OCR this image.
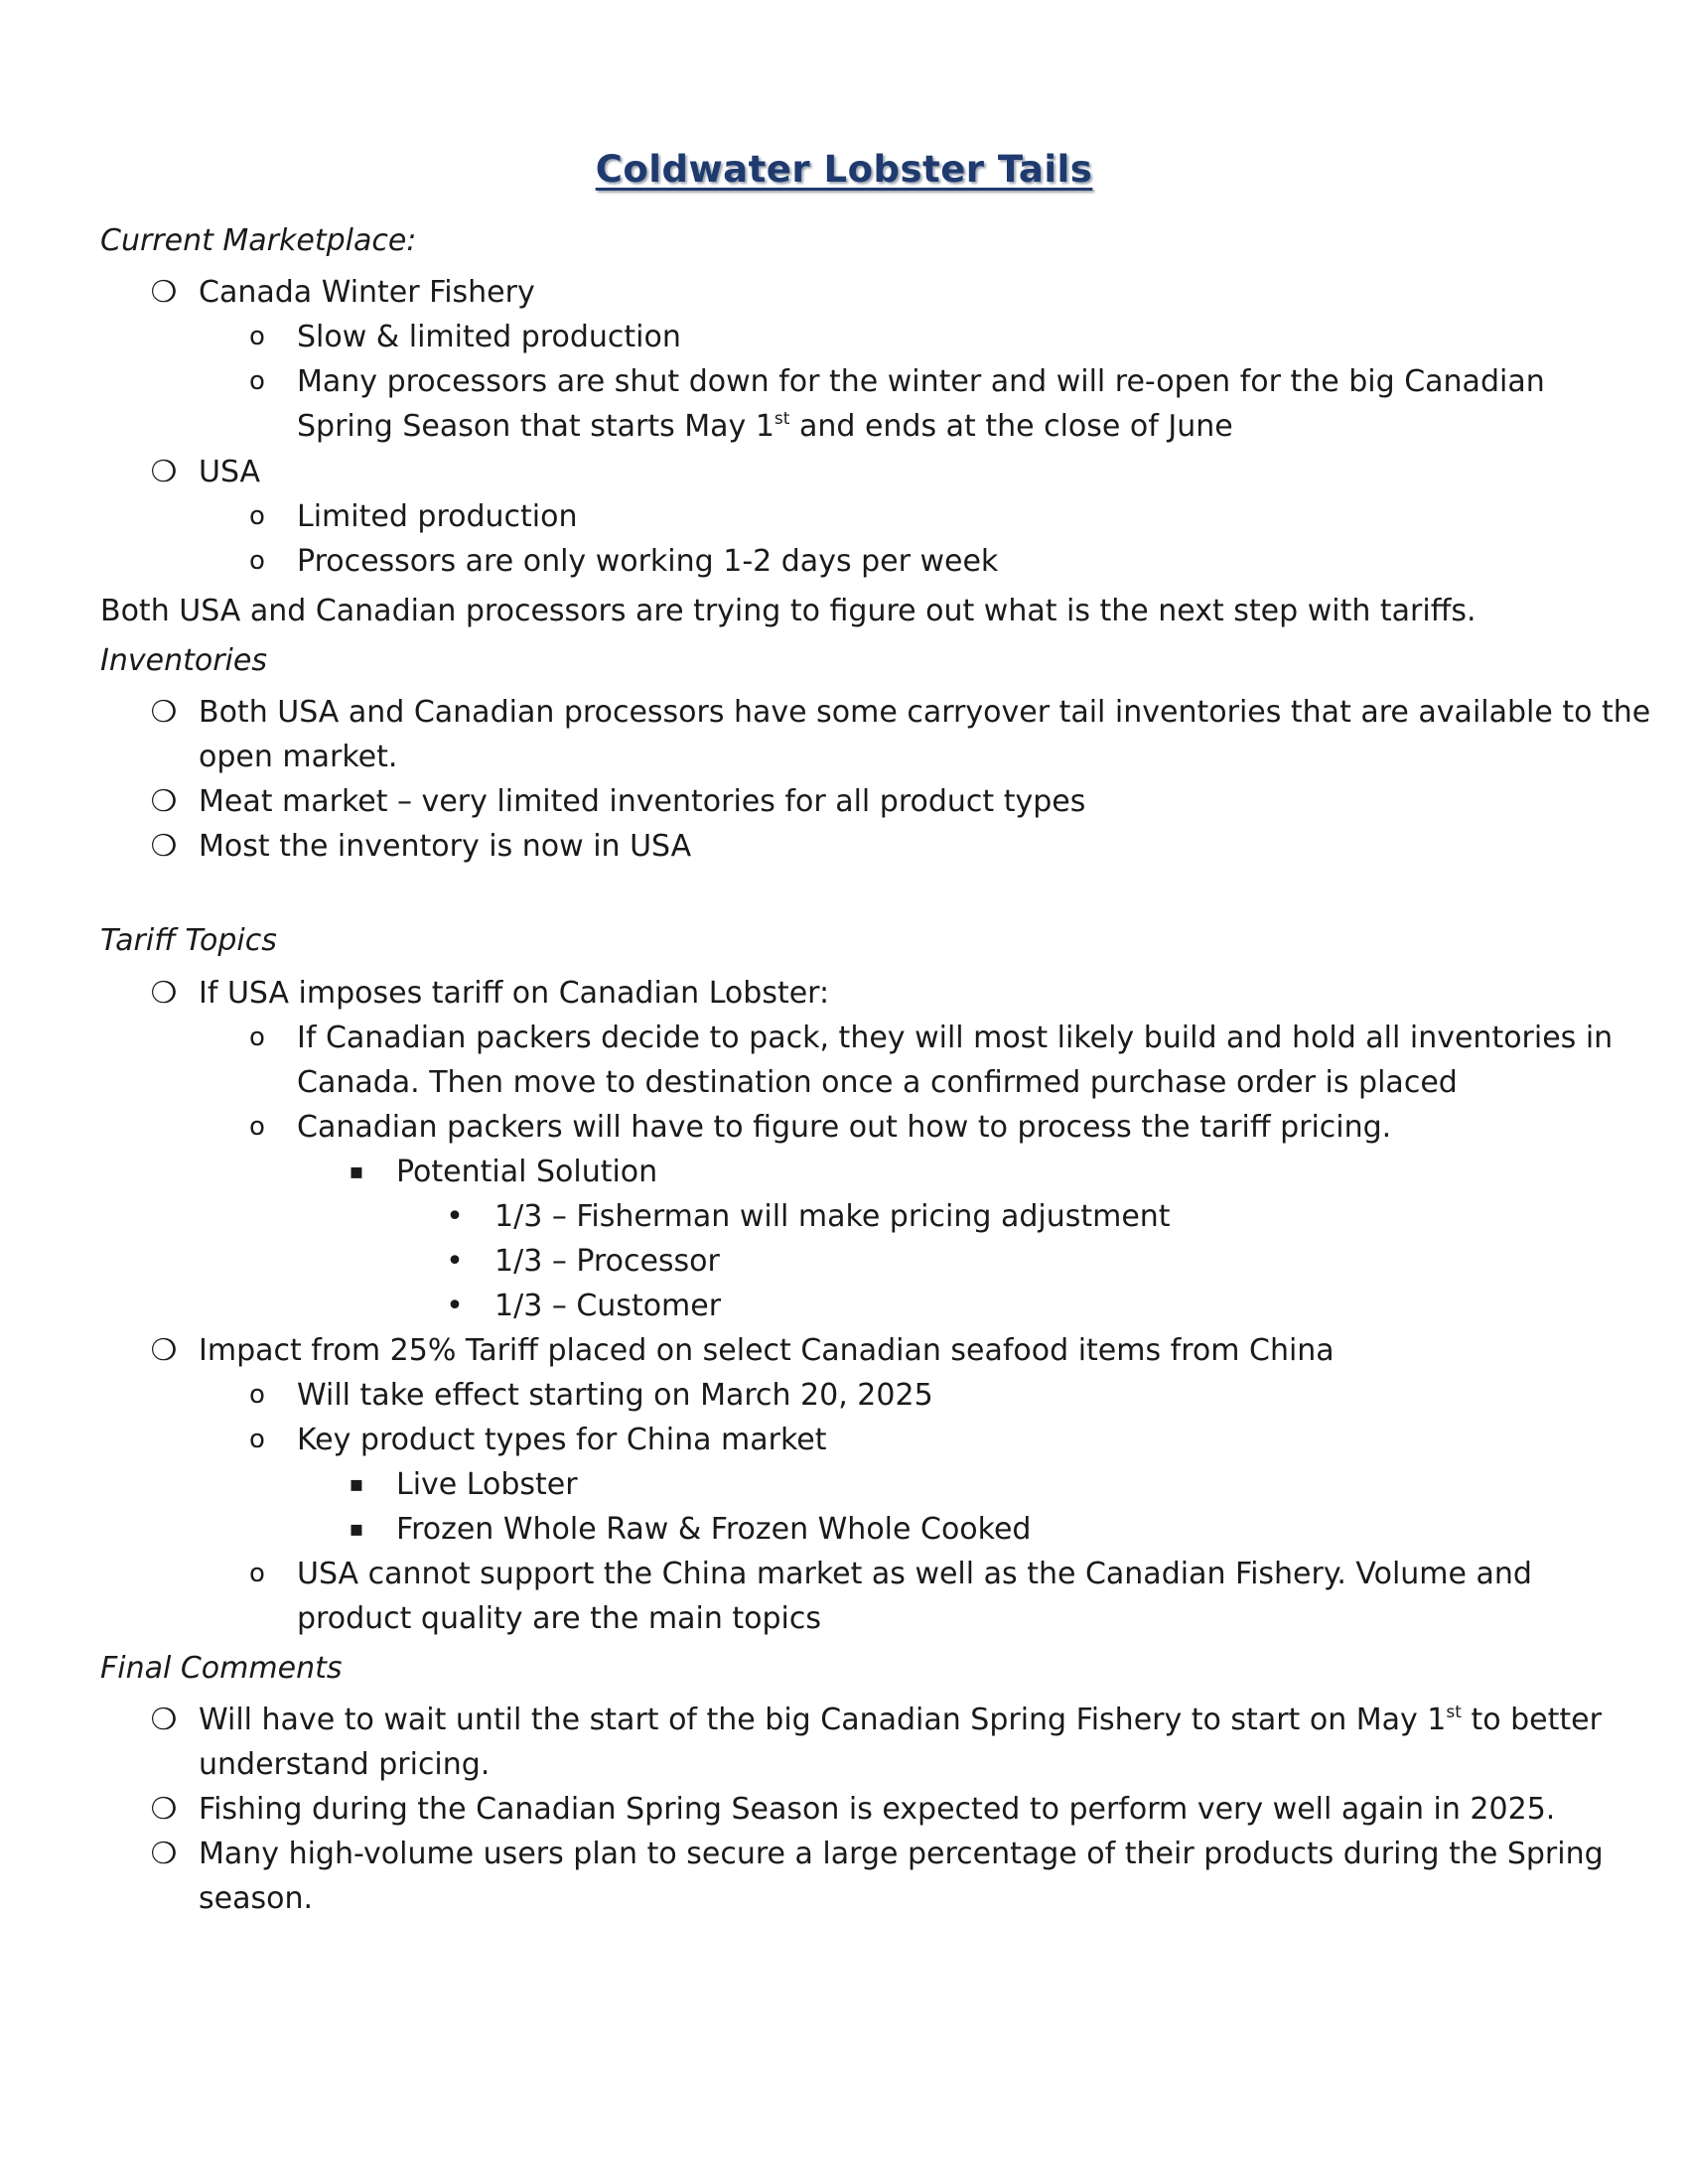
Coldwater Lobster Tails
Current Marketplace:
❍ Canada Winter Fishery
o Slow & limited production
o Many processors are shut down for the winter and will re-open for the big Canadian
Spring Season that starts May 1st and ends at the close of June
❍ USA
o Limited production
o Processors are only working 1-2 days per week
Both USA and Canadian processors are trying to figure out what is the next step with tariffs.
Inventories
❍ Both USA and Canadian processors have some carryover tail inventories that are available to the
open market.
❍ Meat market – very limited inventories for all product types
❍ Most the inventory is now in USA
Tariff Topics
❍ If USA imposes tariff on Canadian Lobster:
o If Canadian packers decide to pack, they will most likely build and hold all inventories in
Canada. Then move to destination once a confirmed purchase order is placed
o Canadian packers will have to figure out how to process the tariff pricing.
▪ Potential Solution
• 1/3 – Fisherman will make pricing adjustment
• 1/3 – Processor
• 1/3 – Customer
❍ Impact from 25% Tariff placed on select Canadian seafood items from China
o Will take effect starting on March 20, 2025
o Key product types for China market
▪ Live Lobster
▪ Frozen Whole Raw & Frozen Whole Cooked
o USA cannot support the China market as well as the Canadian Fishery. Volume and
product quality are the main topics
Final Comments
❍ Will have to wait until the start of the big Canadian Spring Fishery to start on May 1st to better
understand pricing.
❍ Fishing during the Canadian Spring Season is expected to perform very well again in 2025.
❍ Many high-volume users plan to secure a large percentage of their products during the Spring
season.
